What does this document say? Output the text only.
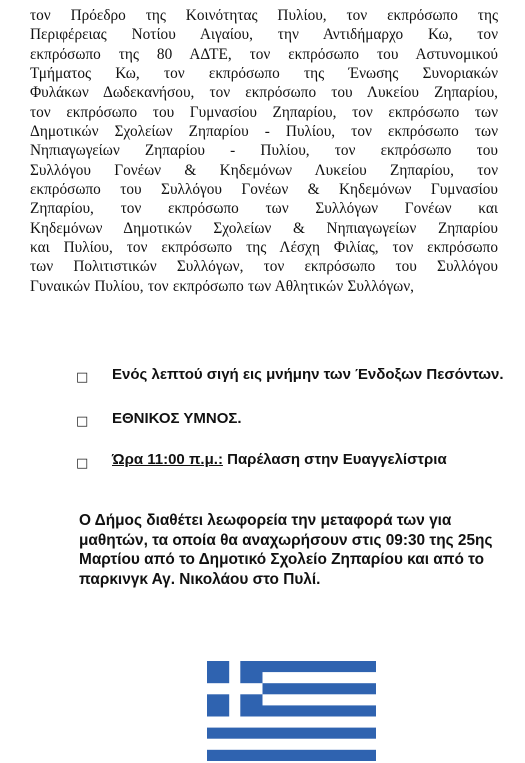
τον Πρόεδρο της Κοινότητας Πυλίου, τον εκπρόσωπο της
Περιφέρειας Νοτίου Αιγαίου, την Αντιδήμαρχο Κω, τον
εκπρόσωπο της 80 ΑΔΤΕ, τον εκπρόσωπο του Αστυνομικού
Τμήματος Κω, τον εκπρόσωπο της Ένωσης Συνοριακών
Φυλάκων Δωδεκανήσου, τον εκπρόσωπο του Λυκείου Ζηπαρίου,
τον εκπρόσωπο του Γυμνασίου Ζηπαρίου, τον εκπρόσωπο των
Δημοτικών Σχολείων Ζηπαρίου - Πυλίου, τον εκπρόσωπο των
Νηπιαγωγείων Ζηπαρίου - Πυλίου, τον εκπρόσωπο του
Συλλόγου Γονέων & Κηδεμόνων Λυκείου Ζηπαρίου, τον
εκπρόσωπο του Συλλόγου Γονέων & Κηδεμόνων Γυμνασίου
Ζηπαρίου, τον εκπρόσωπο των Συλλόγων Γονέων και
Κηδεμόνων Δημοτικών Σχολείων & Νηπιαγωγείων Ζηπαρίου
και Πυλίου, τον εκπρόσωπο της Λέσχη Φιλίας, τον εκπρόσωπο
των Πολιτιστικών Συλλόγων, τον εκπρόσωπο του Συλλόγου
Γυναικών Πυλίου, τον εκπρόσωπο των Αθλητικών Συλλόγων,
□ Ενός λεπτού σιγή εις μνήμην των Ένδοξων Πεσόντων.
□ ΕΘΝΙΚΟΣ ΥΜΝΟΣ.
□ Ώρα 11:00 π.μ.: Παρέλαση στην Ευαγγελίστρια
Ο Δήμος διαθέτει λεωφορεία την μεταφορά των για
μαθητών, τα οποία θα αναχωρήσουν στις 09:30 της 25ης
Μαρτίου από το Δημοτικό Σχολείο Ζηπαρίου και από το
παρκινγκ Αγ. Νικολάου στο Πυλί.
